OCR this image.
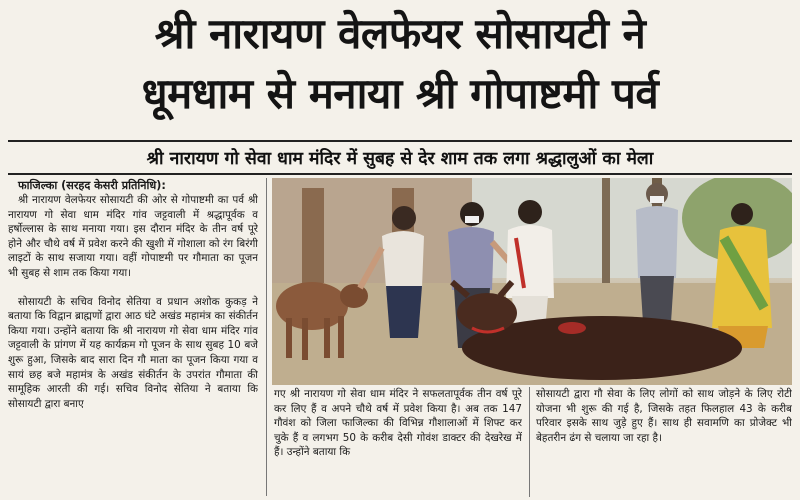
श्री नारायण वेलफेयर सोसायटी ने
धूमधाम से मनाया श्री गोपाष्टमी पर्व
श्री नारायण गो सेवा धाम मंदिर में सुबह से देर शाम तक लगा श्रद्धालुओं का मेला

फाजिल्का (सरहद केसरी प्रतिनिधि):

श्री नारायण वेलफेयर सोसायटी की ओर से गोपाष्टमी का पर्व श्री नारायण गो सेवा धाम मंदिर गांव जट्टवाली में श्रद्धापूर्वक व हर्षोल्लास के साथ मनाया गया। इस दौरान मंदिर के तीन वर्ष पूरे होने और चौथे वर्ष में प्रवेश करने की खुशी में गोशाला को रंग बिरंगी लाइटों के साथ सजाया गया। वहीं गोपाष्टमी पर गौमाता का पूजन भी सुबह से शाम तक किया गया।

सोसायटी के सचिव विनोद सेतिया व प्रधान अशोक कुकड़ ने बताया कि विद्वान ब्राह्मणों द्वारा आठ घंटे अखंड महामंत्र का संकीर्तन किया गया। उन्होंने बताया कि श्री नारायण गो सेवा धाम मंदिर गांव जट्टवाली के प्रांगण में यह कार्यक्रम गो पूजन के साथ सुबह 10 बजे शुरू हुआ, जिसके बाद सारा दिन गौ माता का पूजन किया गया व सायं छह बजे महामंत्र के अखंड संकीर्तन के उपरांत गौमाता की सामूहिक आरती की गई। सचिव विनोद सेतिया ने बताया कि सोसायटी द्वारा बनाए

गए श्री नारायण गो सेवा धाम मंदिर ने सफलतापूर्वक तीन वर्ष पूरे कर लिए हैं व अपने चौथे वर्ष में प्रवेश किया है। अब तक 147 गौवंश को जिला फाजिल्का की विभिन्न गौशालाओं में शिफ्ट कर चुके हैं व लगभग 50 के करीब देसी गोवंश डाक्टर की देखरेख में हैं। उन्होंने बताया कि

सोसायटी द्वारा गौ सेवा के लिए लोगों को साथ जोड़ने के लिए रोटी योजना भी शुरू की गई है, जिसके तहत फिलहाल 43 के करीब परिवार इसके साथ जुड़े हुए हैं। साथ ही सवामणि का प्रोजेक्ट भी बेहतरीन ढंग से चलाया जा रहा है।
